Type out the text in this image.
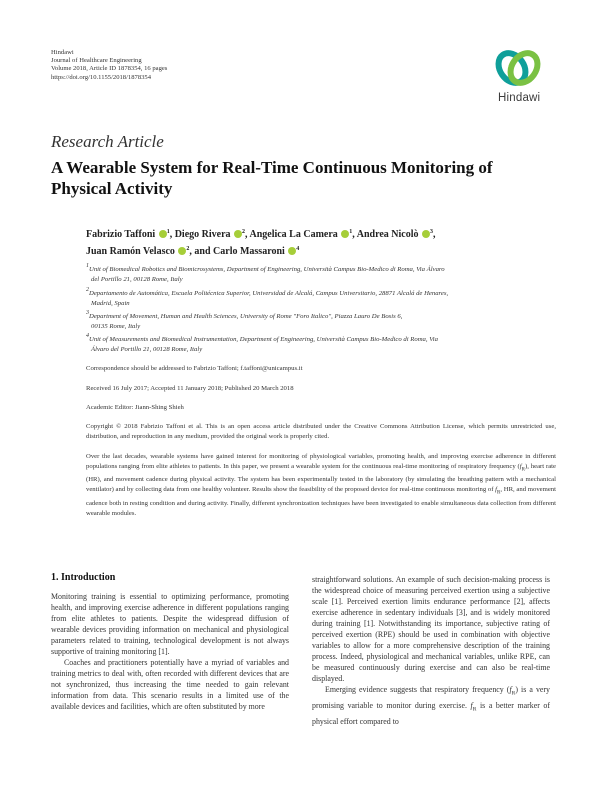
Hindawi
Journal of Healthcare Engineering
Volume 2018, Article ID 1878354, 16 pages
https://doi.org/10.1155/2018/1878354
Hindawi
Research Article
A Wearable System for Real-Time Continuous Monitoring of Physical Activity
Fabrizio Taffoni iD $^1$, Diego Rivera iD $^2$, Angelica La Camera iD $^1$, Andrea Nicolò iD $^3$,
Juan Ramón Velasco iD $^2$, and Carlo Massaroni iD $^4$
$^1$Unit of Biomedical Robotics and Biomicrosystems, Department of Engineering, Università Campus Bio-Medico di Roma, Via Álvaro
del Portillo 21, 00128 Rome, Italy
$^2$Departamento de Automática, Escuela Politécnica Superior, Universidad de Alcalá, Campus Universitario, 28871 Alcalá de Henares,
Madrid, Spain
$^3$Department of Movement, Human and Health Sciences, University of Rome "Foro Italico", Piazza Lauro De Bosis 6,
00135 Rome, Italy
$^4$Unit of Measurements and Biomedical Instrumentation, Department of Engineering, Università Campus Bio-Medico di Roma, Via
Álvaro del Portillo 21, 00128 Rome, Italy
Correspondence should be addressed to Fabrizio Taffoni; f.taffoni@unicampus.it
Received 16 July 2017; Accepted 11 January 2018; Published 20 March 2018
Academic Editor: Jiann-Shing Shieh
Copyright © 2018 Fabrizio Taffoni et al. This is an open access article distributed under the Creative Commons Attribution License, which permits unrestricted use, distribution, and reproduction in any medium, provided the original work is properly cited.
Over the last decades, wearable systems have gained interest for monitoring of physiological variables, promoting health, and improving exercise adherence in different populations ranging from elite athletes to patients. In this paper, we present a wearable system for the continuous real-time monitoring of respiratory frequency $(f_R)$, heart rate (HR), and movement cadence during physical activity. The system has been experimentally tested in the laboratory (by simulating the breathing pattern with a mechanical ventilator) and by collecting data from one healthy volunteer. Results show the feasibility of the proposed device for real-time continuous monitoring of $f_R$, HR, and movement cadence both in resting condition and during activity. Finally, different synchronization techniques have been investigated to enable simultaneous data collection from different wearable modules.
1. Introduction

Monitoring training is essential to optimizing performance, promoting health, and improving exercise adherence in different populations ranging from elite athletes to patients. Despite the widespread diffusion of wearable devices providing information on mechanical and physiological parameters related to training, technological development is not always supportive of training monitoring [1].

Coaches and practitioners potentially have a myriad of variables and training metrics to deal with, often recorded with different devices that are not synchronized, thus increasing the time needed to gain relevant information from data. This scenario results in a limited use of the available devices and facilities, which are often substituted by more

straightforward solutions. An example of such decision-making process is the widespread choice of measuring perceived exertion using a subjective scale [1]. Perceived exertion limits endurance performance [2], affects exercise adherence in sedentary individuals [3], and is widely monitored during training [1]. Notwithstanding its importance, subjective rating of perceived exertion (RPE) should be used in combination with objective variables to allow for a more comprehensive description of the training process. Indeed, physiological and mechanical variables, unlike RPE, can be measured continuously during exercise and can also be real-time displayed.

Emerging evidence suggests that respiratory frequency $(f_R)$ is a very promising variable to monitor during exercise. $f_R$ is a better marker of physical effort compared to
